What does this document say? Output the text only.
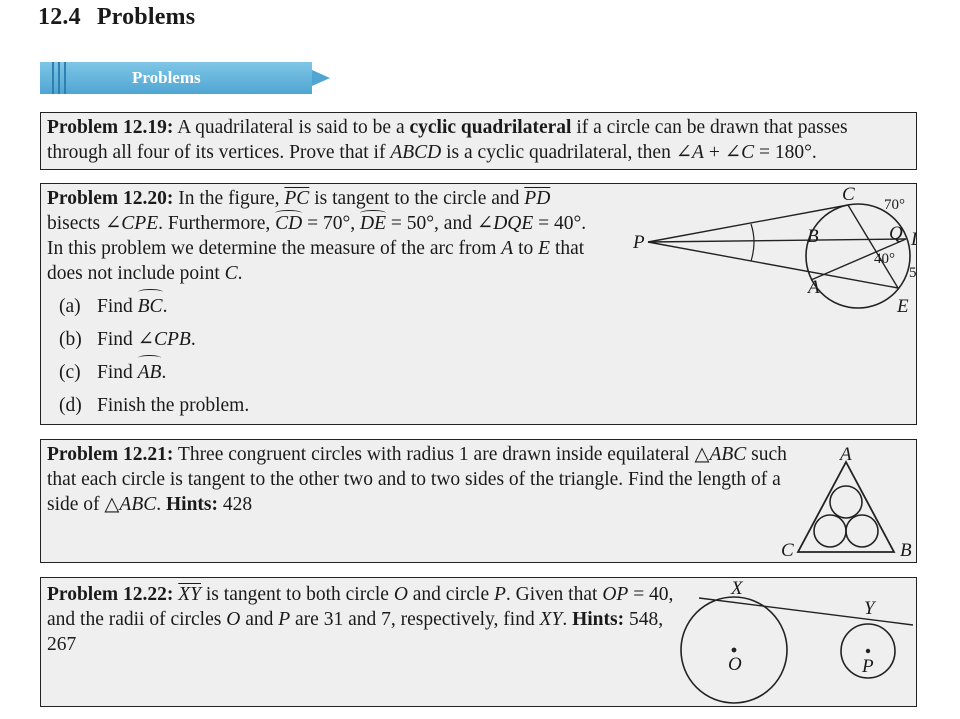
12.4 Problems
Problems

Problem 12.19: A quadrilateral is said to be a cyclic quadrilateral if a circle can be drawn that passes through all four of its vertices. Prove that if ABCD is a cyclic quadrilateral, then ∠A + ∠C = 180°.

Problem 12.20: In the figure, $\overline{PC}$ is tangent to the circle and $\overline{PD}$ bisects ∠CPE. Furthermore, CD = 70°, DE = 50°, and ∠DQE = 40°. In this problem we determine the measure of the arc from A to E that does not include point C.

(a) Find BC.
(b) Find ∠CPB.
(c) Find AB.
(d) Finish the problem.
P
C
B	Q D
A
E
70°
40°
50°

Problem 12.21: Three congruent circles with radius 1 are drawn inside equilateral △ABC such that each circle is tangent to the other two and to two sides of the triangle. Find the length of a side of △ABC. Hints: 428

A
C	B

Problem 12.22: $\overline{XY}$ is tangent to both circle O and circle P. Given that OP = 40, and the radii of circles O and P are 31 and 7, respectively, find XY. Hints: 548, 267

X
Y
O	P
